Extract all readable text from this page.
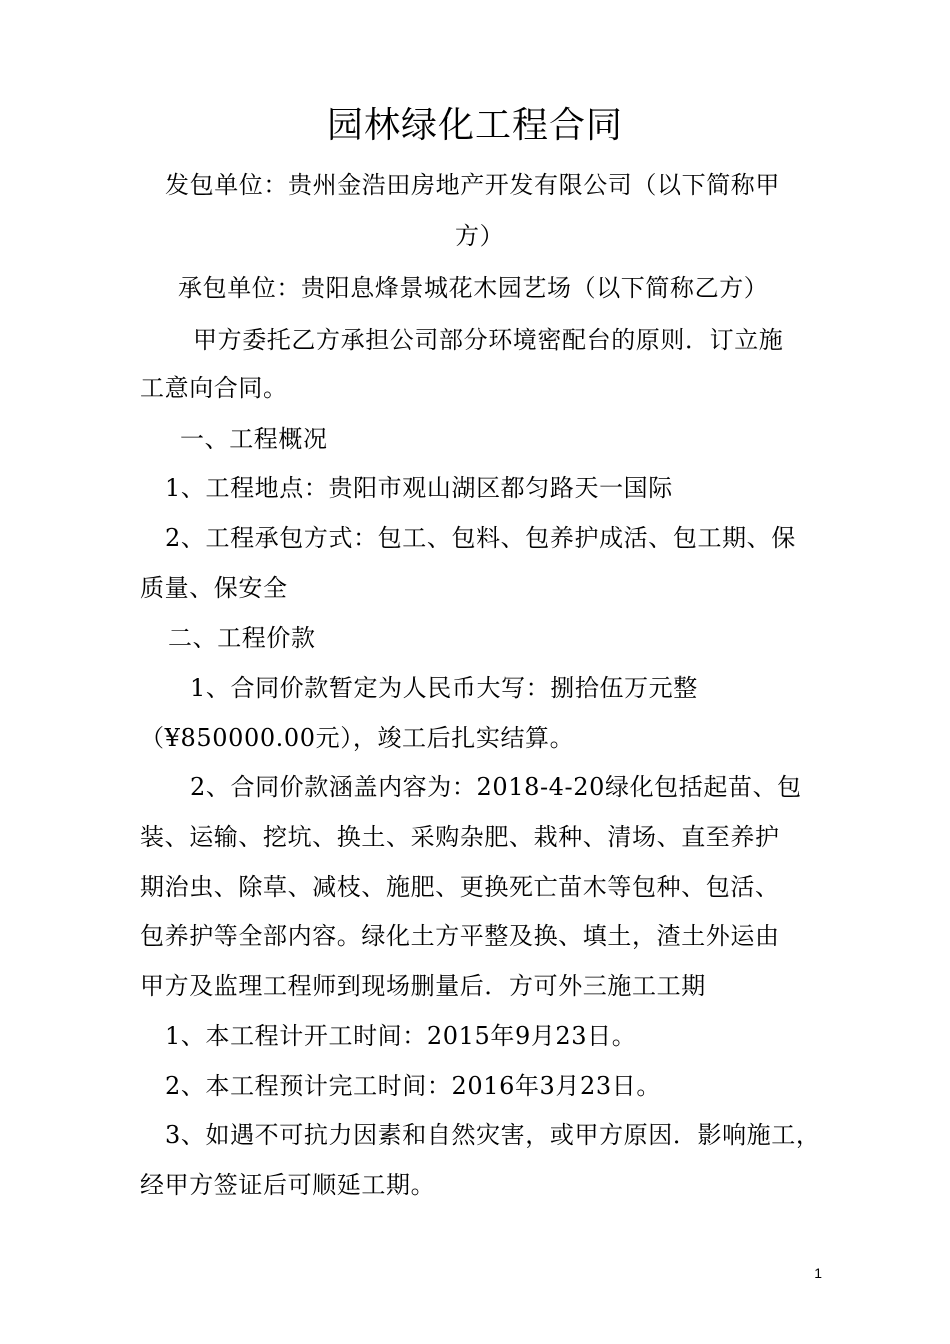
园林绿化工程合同
发包单位：贵州金浩田房地产开发有限公司（以下简称甲
方）
承包单位：贵阳息烽景城花木园艺场（以下简称乙方）
甲方委托乙方承担公司部分环境密配台的原则．订立施
工意向合同。
一、工程概况
1、工程地点：贵阳市观山湖区都匀路天一国际
2、工程承包方式：包工、包料、包养护成活、包工期、保
质量、保安全
二、工程价款
1、合同价款暂定为人民币大写：捌拾伍万元整
（¥850000.00元），竣工后扎实结算。
2、合同价款涵盖内容为：2018-4-20绿化包括起苗、包
装、运输、挖坑、换土、采购杂肥、栽种、清场、直至养护
期治虫、除草、减枝、施肥、更换死亡苗木等包种、包活、
包养护等全部内容。绿化土方平整及换、填土，渣土外运由
甲方及监理工程师到现场删量后．方可外三施工工期
1、本工程计开工时间：2015年9月23日。
2、本工程预计完工时间：2016年3月23日。
3、如遇不可抗力因素和自然灾害，或甲方原因．影响施工，
经甲方签证后可顺延工期。
1
